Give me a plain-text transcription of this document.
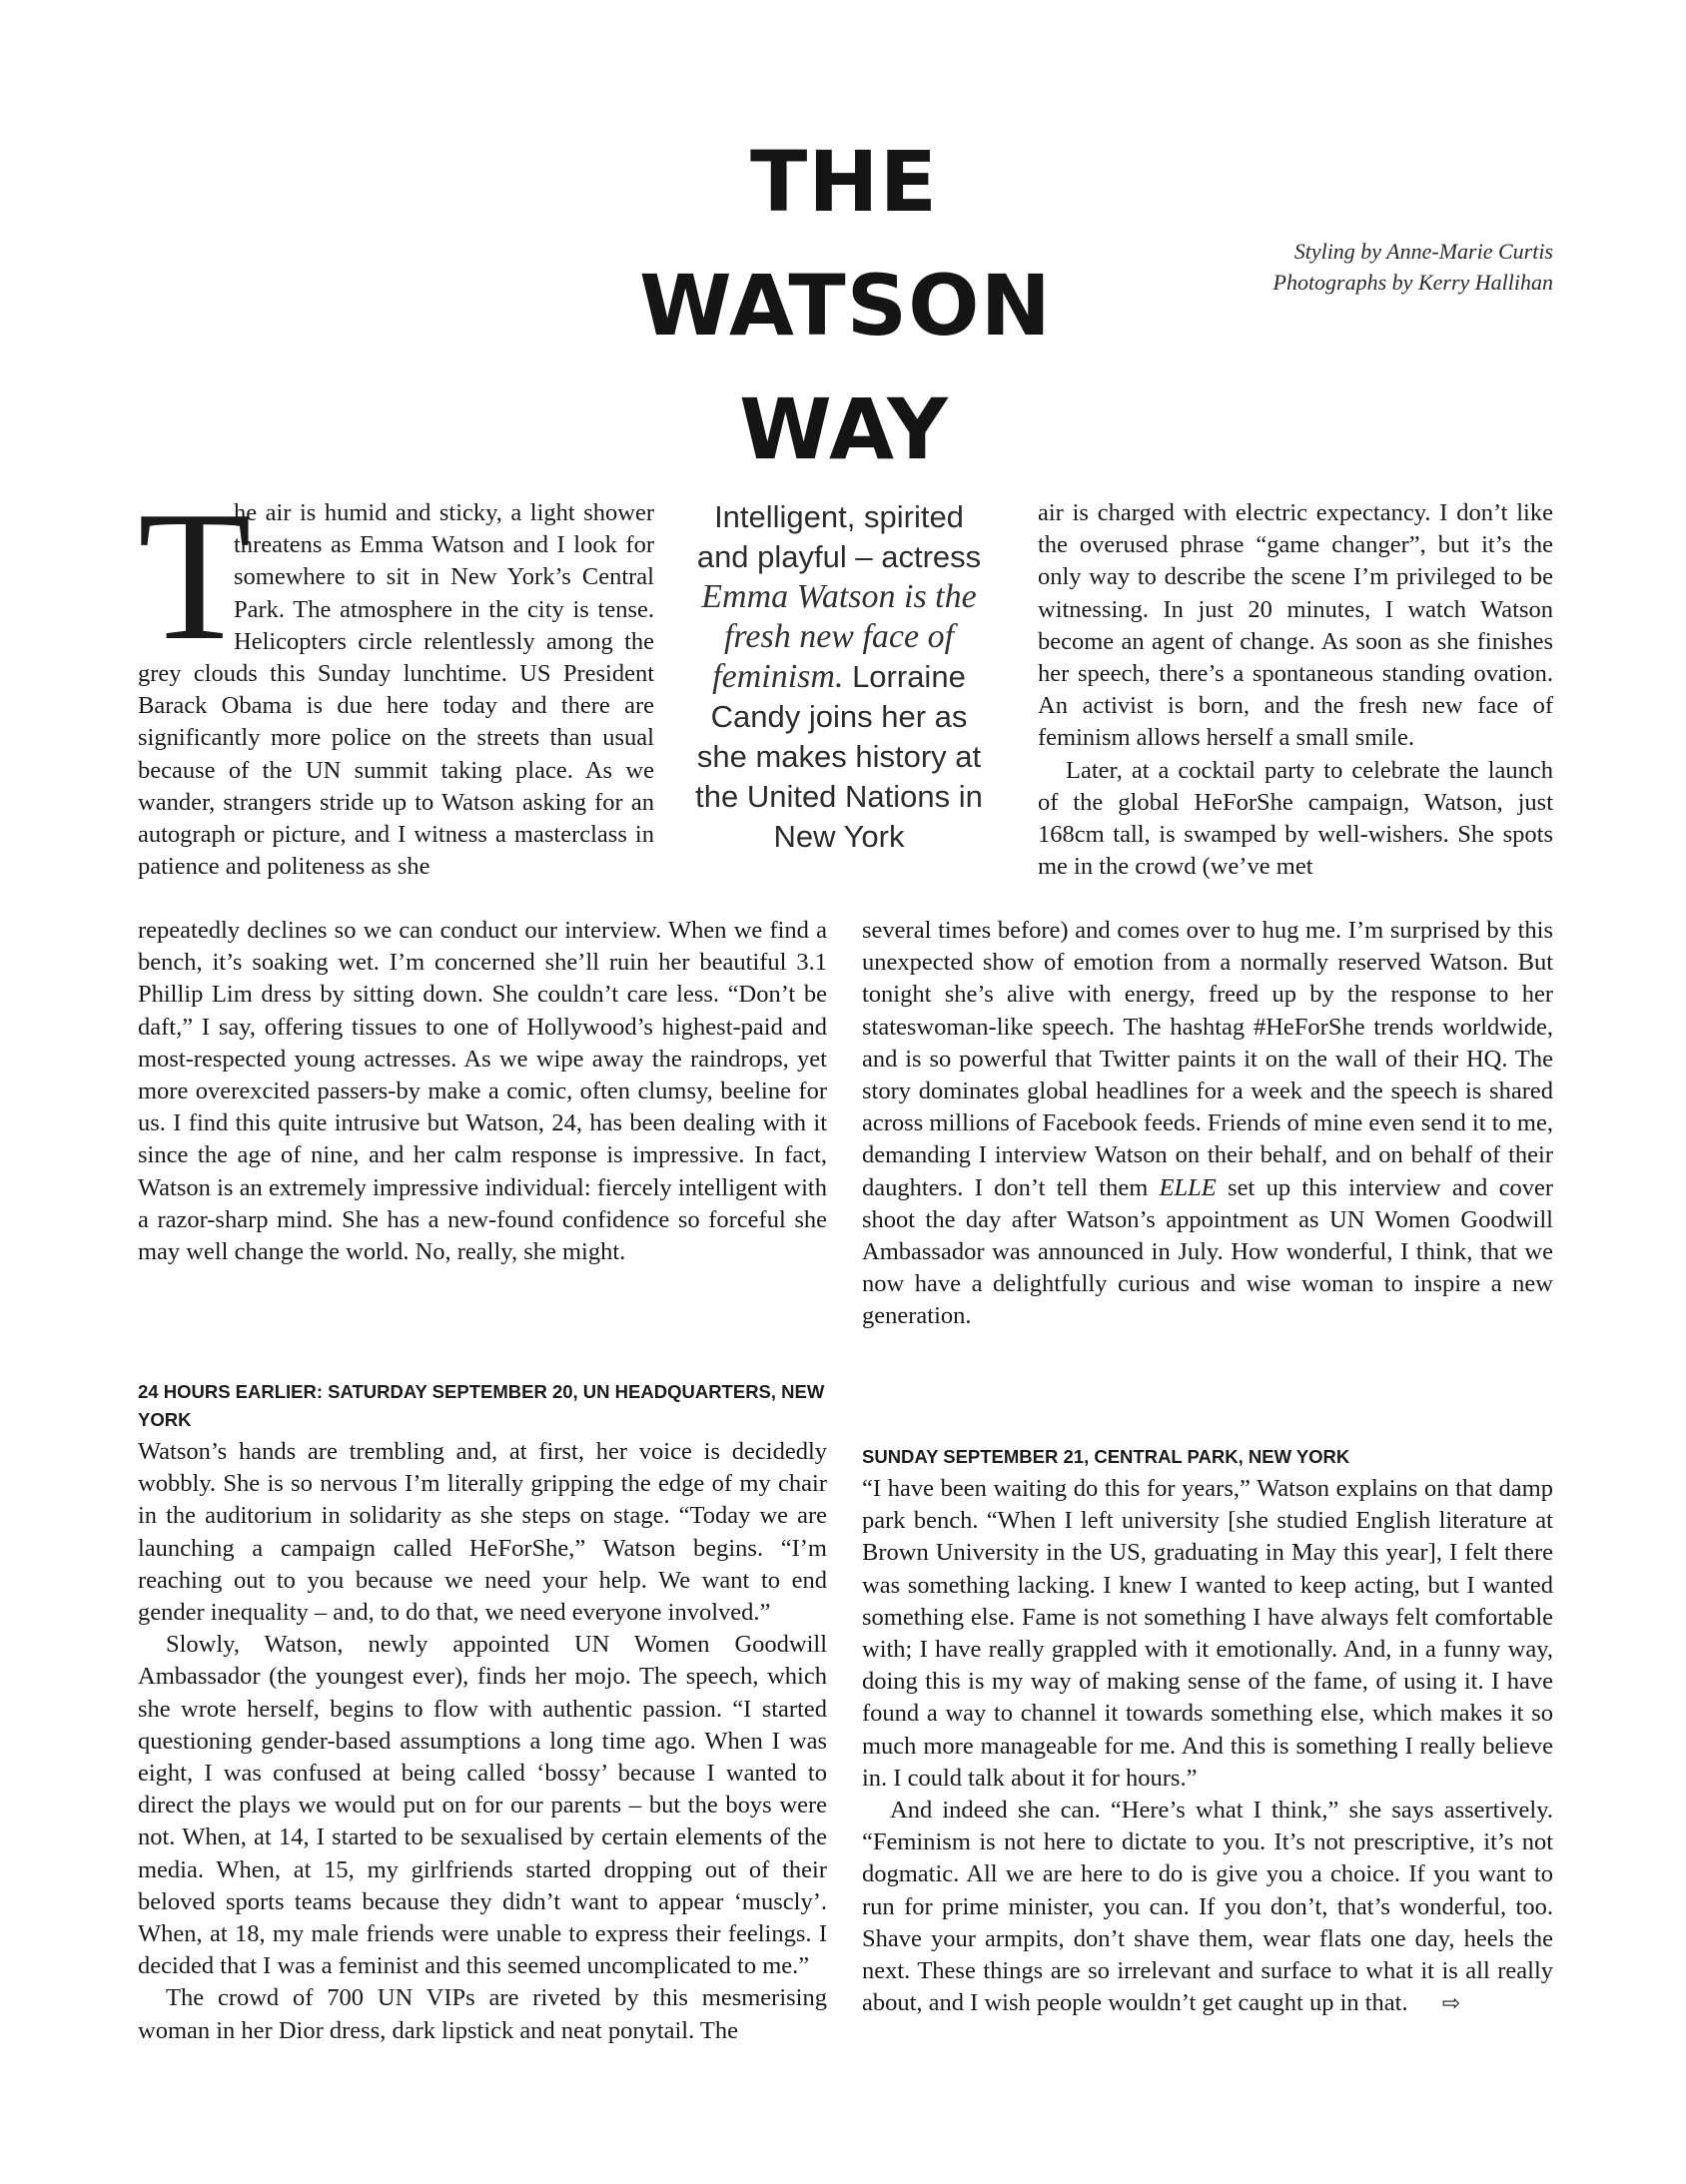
THE
WATSON
WAY
Styling by Anne-Marie Curtis
Photographs by Kerry Hallihan
Intelligent, spirited and playful – actress Emma Watson is the fresh new face of feminism. Lorraine Candy joins her as she makes history at the United Nations in New York

T
he air is humid and sticky, a light shower threatens as Emma Watson and I look for somewhere to sit in New York’s Central Park. The atmosphere in the city is tense. Helicopters circle relentlessly among the grey clouds this Sunday lunchtime. US President Barack Obama is due here today and there are significantly more police on the streets than usual because of the UN summit taking place. As we wander, strangers stride up to Watson asking for an autograph or picture, and I witness a masterclass in patience and politeness as she

repeatedly declines so we can conduct our interview. When we find a bench, it’s soaking wet. I’m concerned she’ll ruin her beautiful 3.1 Phillip Lim dress by sitting down. She couldn’t care less. “Don’t be daft,” I say, offering tissues to one of Hollywood’s highest-paid and most-respected young actresses. As we wipe away the raindrops, yet more overexcited passers-by make a comic, often clumsy, beeline for us. I find this quite intrusive but Watson, 24, has been dealing with it since the age of nine, and her calm response is impressive. In fact, Watson is an extremely impressive individual: fiercely intelligent with a razor-sharp mind. She has a new-found confidence so forceful she may well change the world. No, really, she might.

24 HOURS EARLIER: SATURDAY SEPTEMBER 20, UN HEADQUARTERS, NEW YORK

Watson’s hands are trembling and, at first, her voice is decidedly wobbly. She is so nervous I’m literally gripping the edge of my chair in the auditorium in solidarity as she steps on stage. “Today we are launching a campaign called HeForShe,” Watson begins. “I’m reaching out to you because we need your help. We want to end gender inequality – and, to do that, we need everyone involved.”

Slowly, Watson, newly appointed UN Women Goodwill Ambassador (the youngest ever), finds her mojo. The speech, which she wrote herself, begins to flow with authentic passion. “I started questioning gender-based assumptions a long time ago. When I was eight, I was confused at being called ‘bossy’ because I wanted to direct the plays we would put on for our parents – but the boys were not. When, at 14, I started to be sexualised by certain elements of the media. When, at 15, my girlfriends started dropping out of their beloved sports teams because they didn’t want to appear ‘muscly’. When, at 18, my male friends were unable to express their feelings. I decided that I was a feminist and this seemed uncomplicated to me.”

The crowd of 700 UN VIPs are riveted by this mesmerising woman in her Dior dress, dark lipstick and neat ponytail. The

air is charged with electric expectancy. I don’t like the overused phrase “game changer”, but it’s the only way to describe the scene I’m privileged to be witnessing. In just 20 minutes, I watch Watson become an agent of change. As soon as she finishes her speech, there’s a spontaneous standing ovation. An activist is born, and the fresh new face of feminism allows herself a small smile.

Later, at a cocktail party to celebrate the launch of the global HeForShe campaign, Watson, just 168cm tall, is swamped by well-wishers. She spots me in the crowd (we’ve met

several times before) and comes over to hug me. I’m surprised by this unexpected show of emotion from a normally reserved Watson. But tonight she’s alive with energy, freed up by the response to her stateswoman-like speech. The hashtag #HeForShe trends worldwide, and is so powerful that Twitter paints it on the wall of their HQ. The story dominates global headlines for a week and the speech is shared across millions of Facebook feeds. Friends of mine even send it to me, demanding I interview Watson on their behalf, and on behalf of their daughters. I don’t tell them ELLE set up this interview and cover shoot the day after Watson’s appointment as UN Women Goodwill Ambassador was announced in July. How wonderful, I think, that we now have a delightfully curious and wise woman to inspire a new generation.

SUNDAY SEPTEMBER 21, CENTRAL PARK, NEW YORK

“I have been waiting do this for years,” Watson explains on that damp park bench. “When I left university [she studied English literature at Brown University in the US, graduating in May this year], I felt there was something lacking. I knew I wanted to keep acting, but I wanted something else. Fame is not something I have always felt comfortable with; I have really grappled with it emotionally. And, in a funny way, doing this is my way of making sense of the fame, of using it. I have found a way to channel it towards something else, which makes it so much more manageable for me. And this is something I really believe in. I could talk about it for hours.”

And indeed she can. “Here’s what I think,” she says assertively. “Feminism is not here to dictate to you. It’s not prescriptive, it’s not dogmatic. All we are here to do is give you a choice. If you want to run for prime minister, you can. If you don’t, that’s wonderful, too. Shave your armpits, don’t shave them, wear flats one day, heels the next. These things are so irrelevant and surface to what it is all really about, and I wish people wouldn’t get caught up in that. ⇨
